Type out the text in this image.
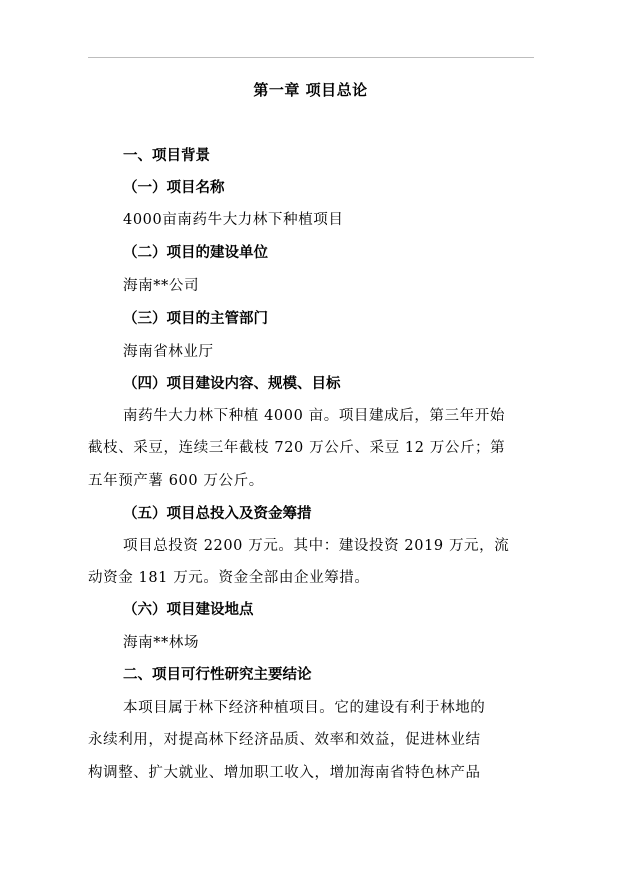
第一章 项目总论
一、项目背景
（一）项目名称
4000亩南药牛大力林下种植项目
（二）项目的建设单位
海南**公司
（三）项目的主管部门
海南省林业厅
（四）项目建设内容、规模、目标
南药牛大力林下种植 4000 亩。项目建成后，第三年开始
截枝、采豆，连续三年截枝 720 万公斤、采豆 12 万公斤；第
五年预产薯 600 万公斤。
（五）项目总投入及资金筹措
项目总投资 2200 万元。其中：建设投资 2019 万元，流
动资金 181 万元。资金全部由企业筹措。
（六）项目建设地点
海南**林场
二、项目可行性研究主要结论
本项目属于林下经济种植项目。它的建设有利于林地的
永续利用，对提高林下经济品质、效率和效益，促进林业结
构调整、扩大就业、增加职工收入，增加海南省特色林产品
